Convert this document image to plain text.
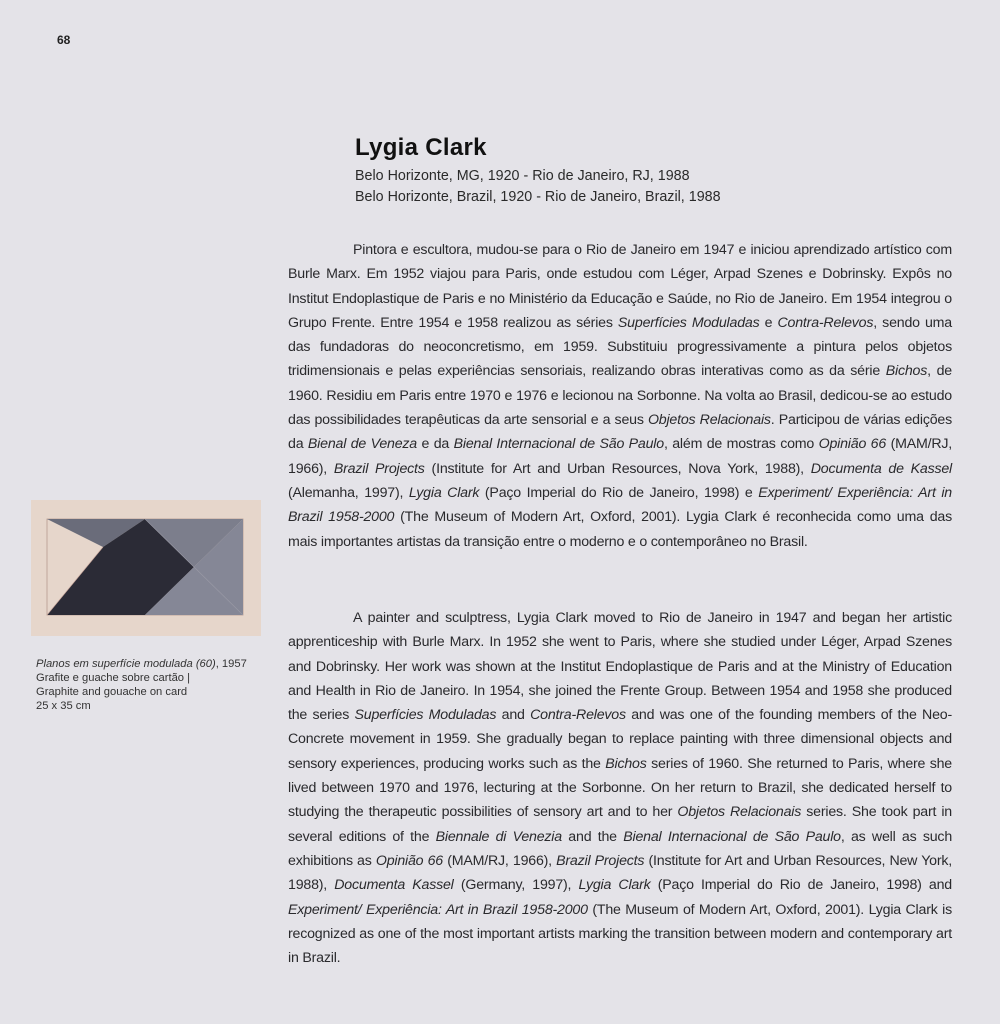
68
Lygia Clark
Belo Horizonte, MG, 1920 - Rio de Janeiro, RJ, 1988
Belo Horizonte, Brazil, 1920 - Rio de Janeiro, Brazil, 1988

Pintora e escultora, mudou-se para o Rio de Janeiro em 1947 e iniciou aprendizado artístico com Burle Marx. Em 1952 viajou para Paris, onde estudou com Léger, Arpad Szenes e Dobrinsky. Expôs no Institut Endoplastique de Paris e no Ministério da Educação e Saúde, no Rio de Janeiro. Em 1954 integrou o Grupo Frente. Entre 1954 e 1958 realizou as séries Superfícies Moduladas e Contra-Relevos, sendo uma das fundadoras do neoconcretismo, em 1959. Substituiu progressivamente a pintura pelos objetos tridimensionais e pelas experiências sensoriais, realizando obras interativas como as da série Bichos, de 1960. Residiu em Paris entre 1970 e 1976 e lecionou na Sorbonne. Na volta ao Brasil, dedicou-se ao estudo das possibilidades terapêuticas da arte sensorial e a seus Objetos Relacionais. Participou de várias edições da Bienal de Veneza e da Bienal Internacional de São Paulo, além de mostras como Opinião 66 (MAM/RJ, 1966), Brazil Projects (Institute for Art and Urban Resources, Nova York, 1988), Documenta de Kassel (Alemanha, 1997), Lygia Clark (Paço Imperial do Rio de Janeiro, 1998) e Experiment/ Experiência: Art in Brazil 1958-2000 (The Museum of Modern Art, Oxford, 2001). Lygia Clark é reconhecida como uma das mais importantes artistas da transição entre o moderno e o contemporâneo no Brasil.

A painter and sculptress, Lygia Clark moved to Rio de Janeiro in 1947 and began her artistic apprenticeship with Burle Marx. In 1952 she went to Paris, where she studied under Léger, Arpad Szenes and Dobrinsky. Her work was shown at the Institut Endoplastique de Paris and at the Ministry of Education and Health in Rio de Janeiro. In 1954, she joined the Frente Group. Between 1954 and 1958 she produced the series Superfícies Moduladas and Contra-Relevos and was one of the founding members of the Neo-Concrete movement in 1959. She gradually began to replace painting with three dimensional objects and sensory experiences, producing works such as the Bichos series of 1960. She returned to Paris, where she lived between 1970 and 1976, lecturing at the Sorbonne. On her return to Brazil, she dedicated herself to studying the therapeutic possibilities of sensory art and to her Objetos Relacionais series. She took part in several editions of the Biennale di Venezia and the Bienal Internacional de São Paulo, as well as such exhibitions as Opinião 66 (MAM/RJ, 1966), Brazil Projects (Institute for Art and Urban Resources, New York, 1988), Documenta Kassel (Germany, 1997), Lygia Clark (Paço Imperial do Rio de Janeiro, 1998) and Experiment/ Experiência: Art in Brazil 1958-2000 (The Museum of Modern Art, Oxford, 2001). Lygia Clark is recognized as one of the most important artists marking the transition between modern and contemporary art in Brazil.

Planos em superfície modulada (60), 1957
Grafite e guache sobre cartão |
Graphite and gouache on card
25 x 35 cm
